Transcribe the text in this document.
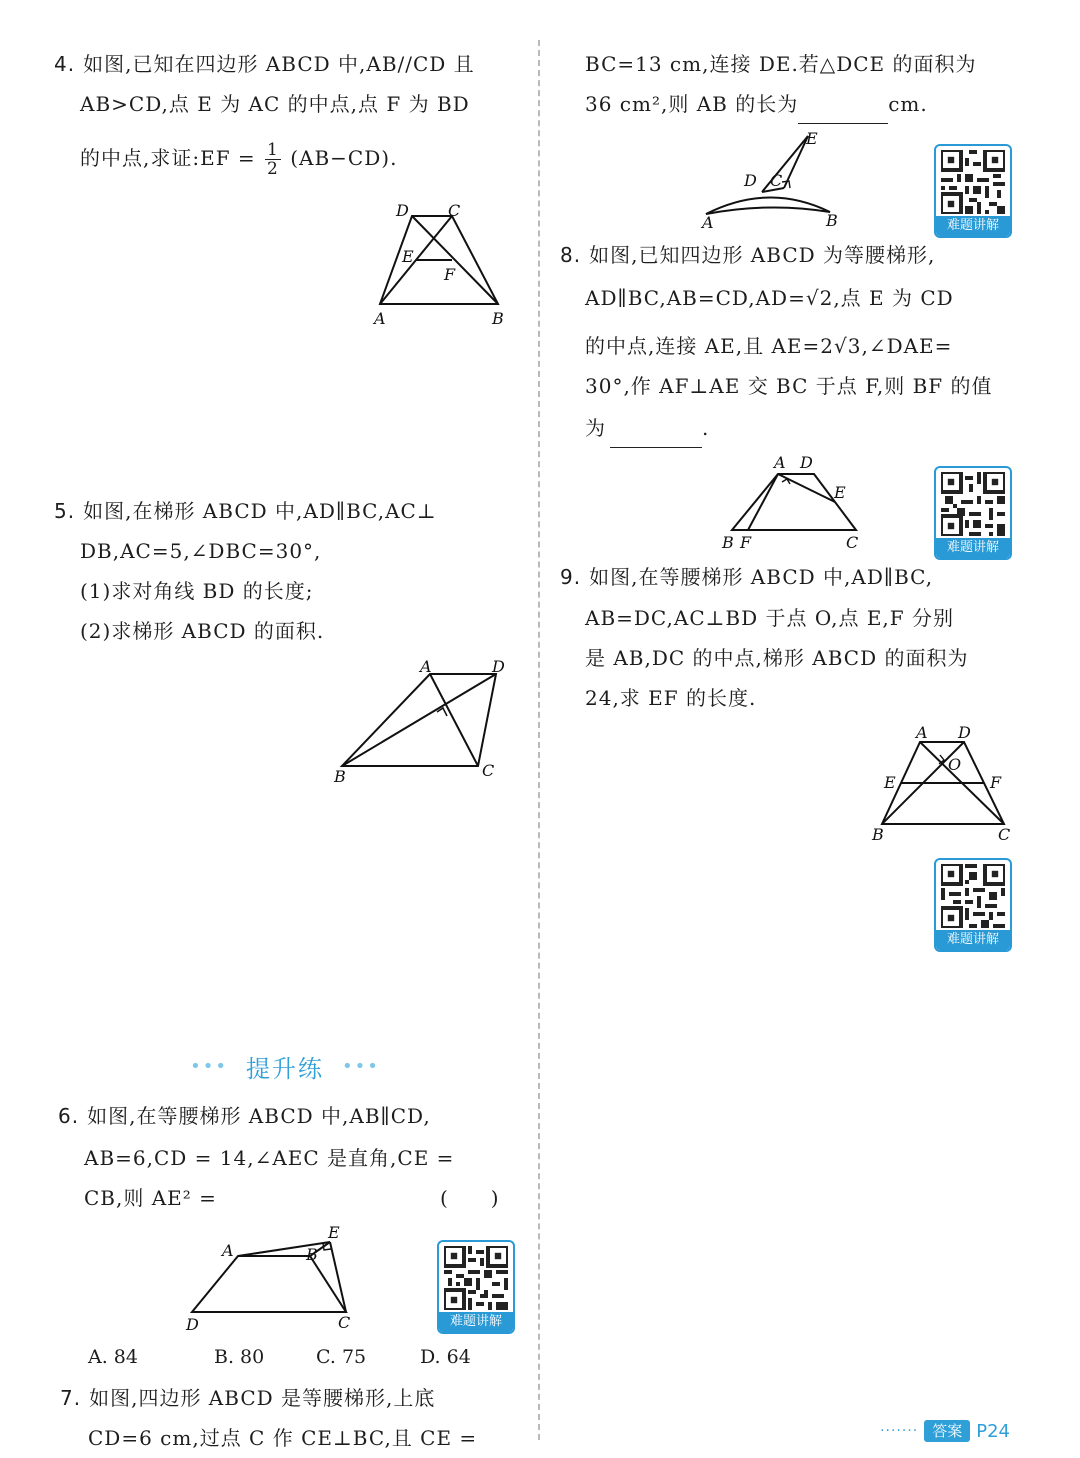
4. 如图,已知在四边形 ABCD 中,AB//CD 且
AB>CD,点 E 为 AC 的中点,点 F 为 BD
的中点,求证:EF = $\frac{1}{2} (AB-CD)$.
D C
E
F
A	B
5. 如图,在梯形 ABCD 中,AD∥BC,AC⊥
DB,AC=5,∠DBC=30°,
(1)求对角线 BD 的长度;
(2)求梯形 ABCD 的面积.
A	D
B	C
••• 提升练 •••
6. 如图,在等腰梯形 ABCD 中,AB∥CD,
AB=6,CD = 14,∠AEC 是直角,CE =
CB,则 AE² =	(　　)
E
A	B
D	C	难题讲解
A. 84	B. 80	C. 75	D. 64
7. 如图,四边形 ABCD 是等腰梯形,上底
CD=6 cm,过点 C 作 CE⊥BC,且 CE =
BC=13 cm,连接 DE.若△DCE 的面积为
36 cm²,则 AB 的长为	cm.
E
D C
A	B	难题讲解
8. 如图,已知四边形 ABCD 为等腰梯形,
AD∥BC,AB=CD,AD=√2,点 E 为 CD
的中点,连接 AE,且 AE=2√3,∠DAE=
30°,作 AF⊥AE 交 BC 于点 F,则 BF 的值
为	.
A D
E
B F	C	难题讲解
9. 如图,在等腰梯形 ABCD 中,AD∥BC,
AB=DC,AC⊥BD 于点 O,点 E,F 分别
是 AB,DC 的中点,梯形 ABCD 的面积为
24,求 EF 的长度.
A D
O
E	F
B	C
难题讲解
······· 答案 P24
